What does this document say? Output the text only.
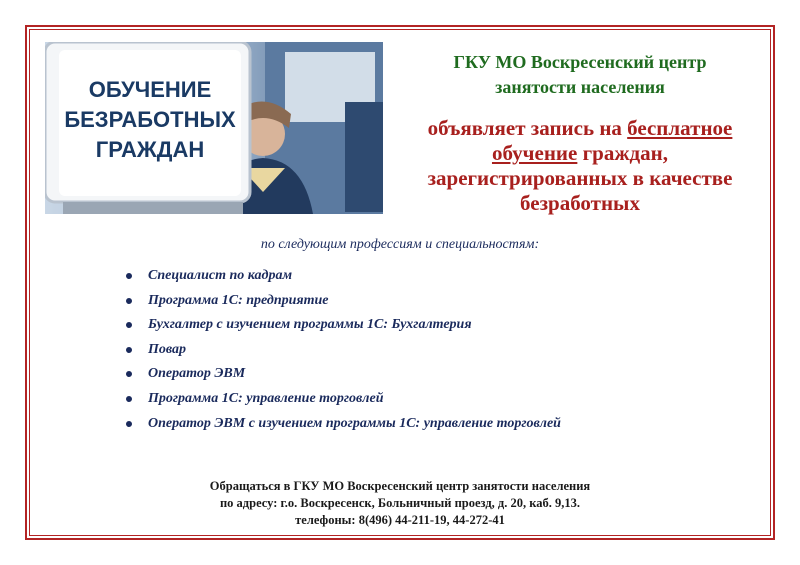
ОБУЧЕНИЕ
БЕЗРАБОТНЫХ
ГРАЖДАН

ГКУ МО Воскресенский центр
занятости населения

объявляет запись на бесплатное
обучение граждан,
зарегистрированных в качестве
безработных

по следующим профессиям и специальностям:

Специалист по кадрам
Программа 1С: предприятие
Бухгалтер с изучением программы 1С: Бухгалтерия
Повар
Оператор ЭВМ
Программа 1С: управление торговлей
Оператор ЭВМ с изучением программы 1С: управление торговлей
Обращаться в ГКУ МО Воскресенский центр занятости населения
по адресу: г.о. Воскресенск, Больничный проезд, д. 20, каб. 9,13.
телефоны: 8(496) 44-211-19, 44-272-41
